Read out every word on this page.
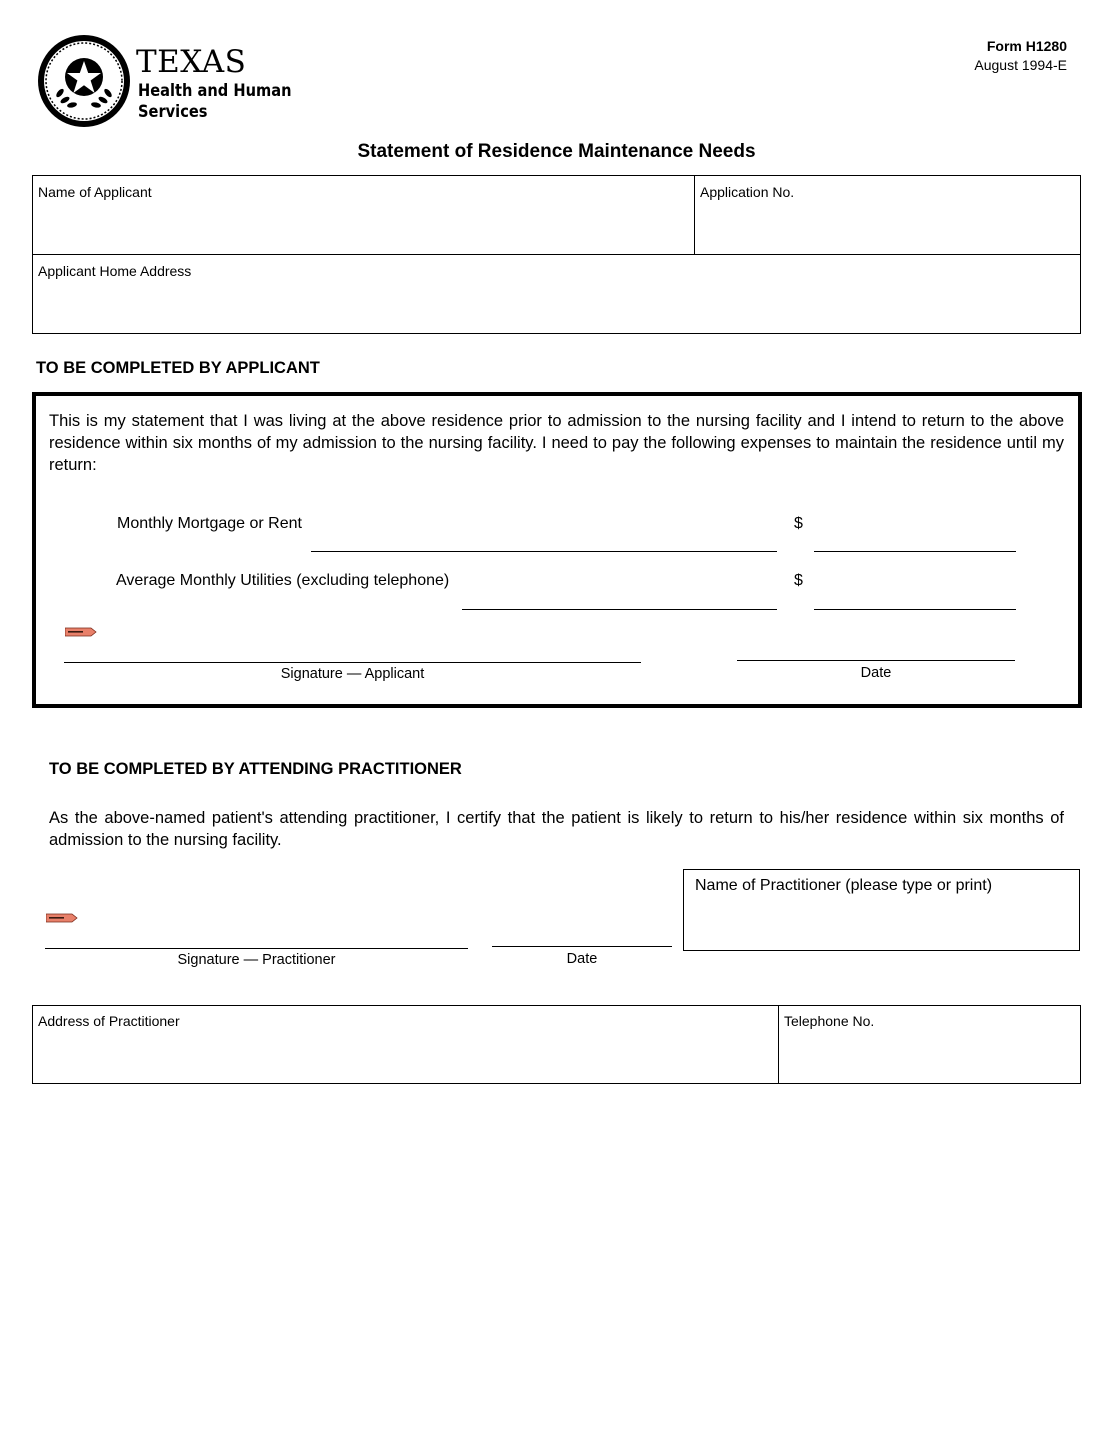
TEXAS
Health and Human
Services
Form H1280
August 1994-E
Statement of Residence Maintenance Needs
Name of Applicant	Application No.
Applicant Home Address
TO BE COMPLETED BY APPLICANT
This is my statement that I was living at the above residence prior to admission to the nursing facility and I intend to return to the above residence within six months of my admission to the nursing facility. I need to pay the following expenses to maintain the residence until my return:
Monthly Mortgage or Rent	$
Average Monthly Utilities (excluding telephone)	$
Signature — Applicant	Date
TO BE COMPLETED BY ATTENDING PRACTITIONER
As the above-named patient's attending practitioner, I certify that the patient is likely to return to his/her residence within six months of admission to the nursing facility.
Signature — Practitioner	Date
Name of Practitioner (please type or print)
Address of Practitioner	Telephone No.
